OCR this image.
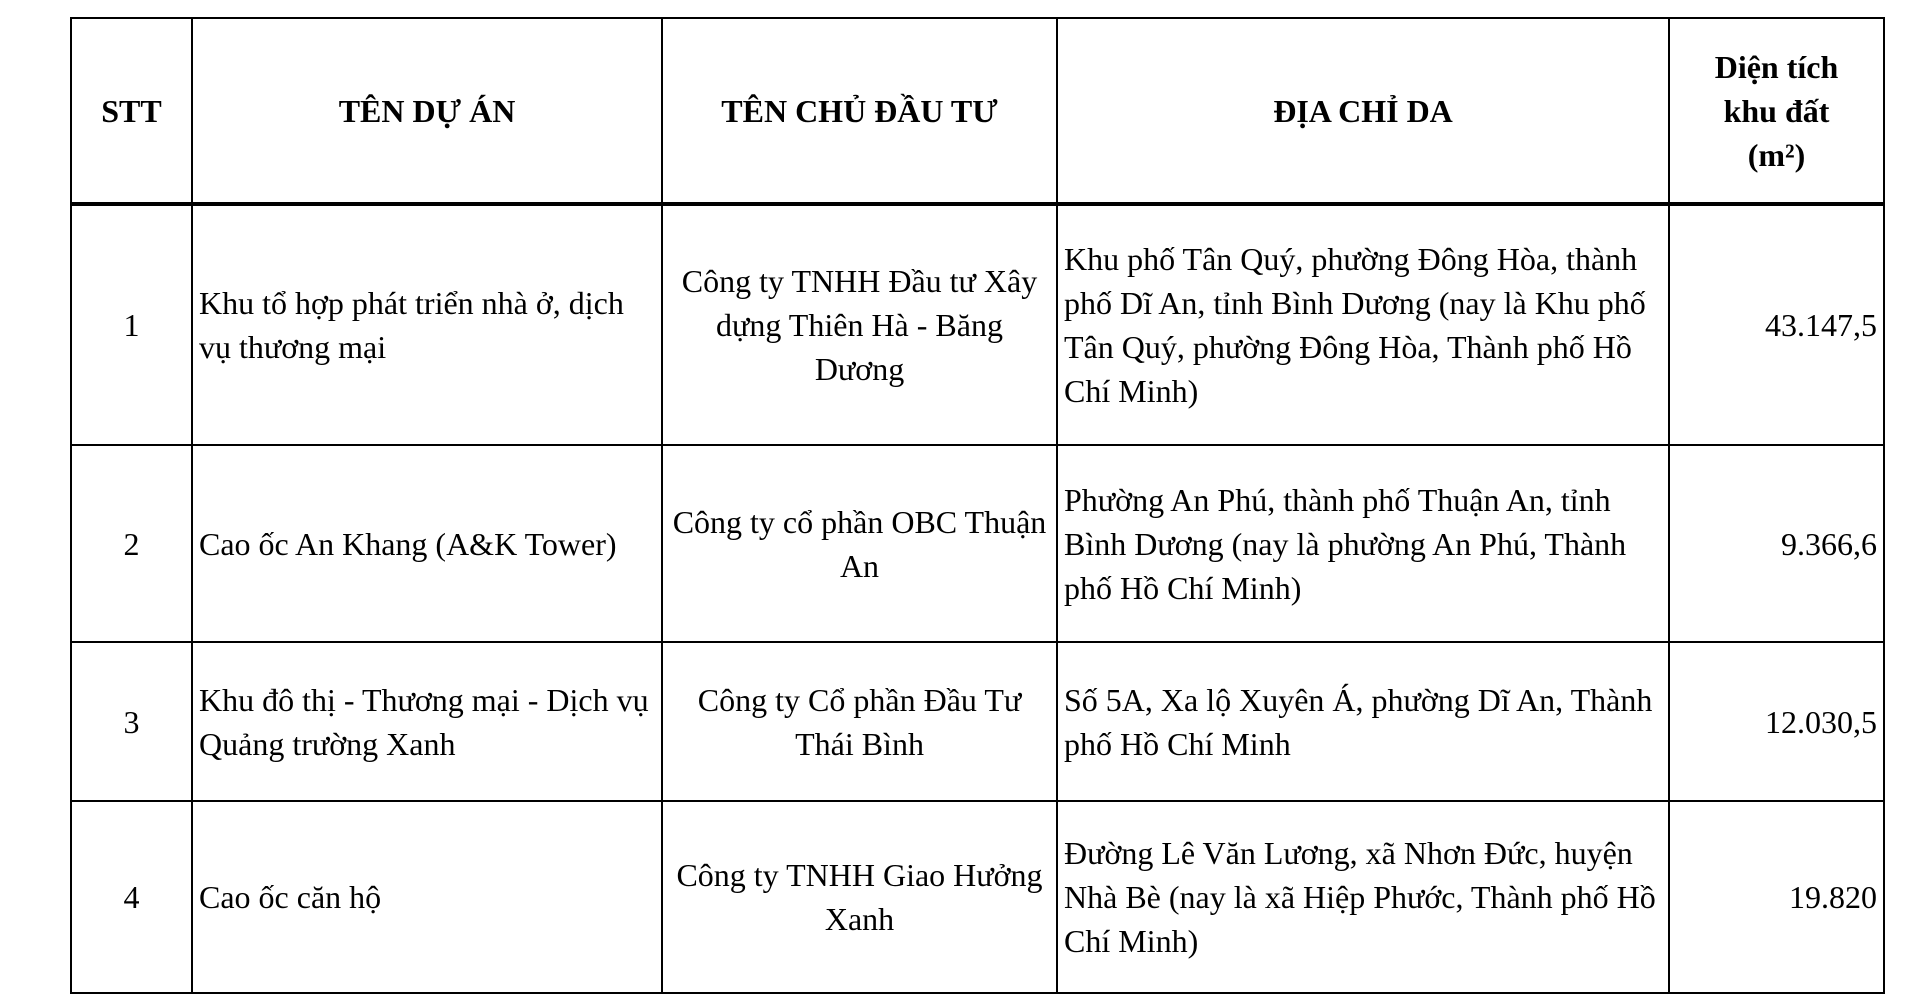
STT	TÊN DỰ ÁN	TÊN CHỦ ĐẦU TƯ	ĐỊA CHỈ DA	Diện tích
khu đất
(m²)
1	Khu tổ hợp phát triển nhà ở, dịch vụ thương mại	Công ty TNHH Đầu tư Xây dựng Thiên Hà - Băng Dương	Khu phố Tân Quý, phường Đông Hòa, thành phố Dĩ An, tỉnh Bình Dương (nay là Khu phố Tân Quý, phường Đông Hòa, Thành phố Hồ Chí Minh)	43.147,5
2	Cao ốc An Khang (A&K Tower)	Công ty cổ phần OBC Thuận An	Phường An Phú, thành phố Thuận An, tỉnh Bình Dương (nay là phường An Phú, Thành phố Hồ Chí Minh)	9.366,6
3	Khu đô thị - Thương mại - Dịch vụ Quảng trường Xanh	Công ty Cổ phần Đầu Tư Thái Bình	Số 5A, Xa lộ Xuyên Á, phường Dĩ An, Thành phố Hồ Chí Minh	12.030,5
4	Cao ốc căn hộ	Công ty TNHH Giao Hưởng Xanh	Đường Lê Văn Lương, xã Nhơn Đức, huyện Nhà Bè (nay là xã Hiệp Phước, Thành phố Hồ Chí Minh)	19.820
